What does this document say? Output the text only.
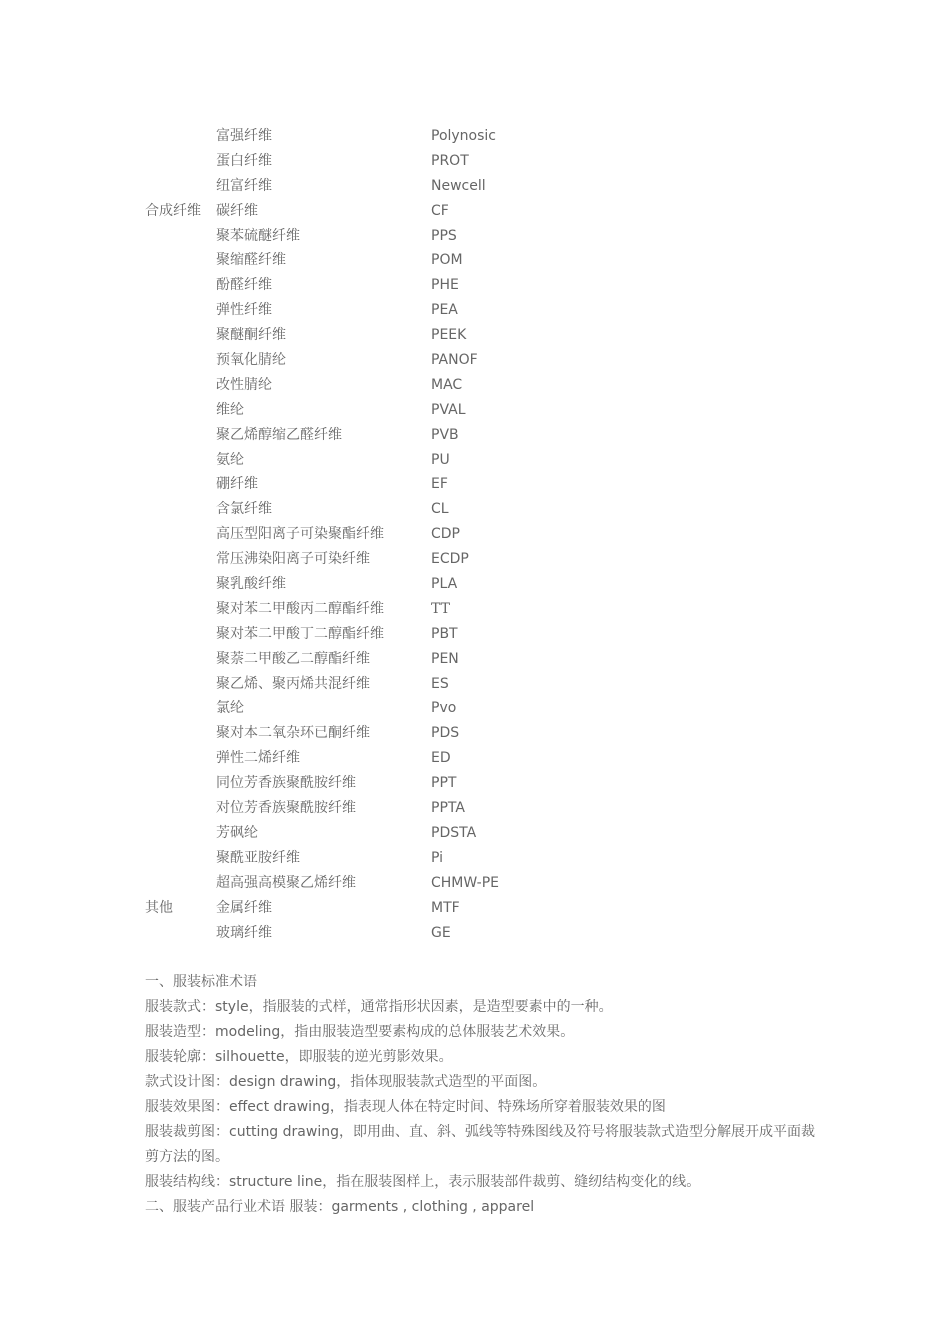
富强纤维	Polynosic
蛋白纤维	PROT
纽富纤维	Newcell
合成纤维 碳纤维	CF
聚苯硫醚纤维	PPS
聚缩醛纤维	POM
酚醛纤维	PHE
弹性纤维	PEA
聚醚酮纤维	PEEK
预氧化腈纶	PANOF
改性腈纶	MAC
维纶	PVAL
聚乙烯醇缩乙醛纤维	PVB
氨纶	PU
硼纤维	EF
含氯纤维	CL
高压型阳离子可染聚酯纤维	CDP
常压沸染阳离子可染纤维	ECDP
聚乳酸纤维	PLA
聚对苯二甲酸丙二醇酯纤维	TT
聚对苯二甲酸丁二醇酯纤维	PBT
聚萘二甲酸乙二醇酯纤维	PEN
聚乙烯、聚丙烯共混纤维	ES
氯纶	Pvo
聚对本二氧杂环已酮纤维	PDS
弹性二烯纤维	ED
同位芳香族聚酰胺纤维	PPT
对位芳香族聚酰胺纤维	PPTA
芳砜纶	PDSTA
聚酰亚胺纤维	Pi
超高强高模聚乙烯纤维	CHMW-PE
其他	金属纤维	MTF
玻璃纤维	GE
一、服装标准术语
服装款式：style，指服装的式样，通常指形状因素，是造型要素中的一种。
服装造型：modeling，指由服装造型要素构成的总体服装艺术效果。
服装轮廓：silhouette，即服装的逆光剪影效果。
款式设计图：design drawing，指体现服装款式造型的平面图。
服装效果图：effect drawing，指表现人体在特定时间、特殊场所穿着服装效果的图
服装裁剪图：cutting drawing，即用曲、直、斜、弧线等特殊图线及符号将服装款式造型分解展开成平面裁剪方法的图。
服装结构线：structure line，指在服装图样上，表示服装部件裁剪、缝纫结构变化的线。
二、服装产品行业术语 服装：garments , clothing , apparel
